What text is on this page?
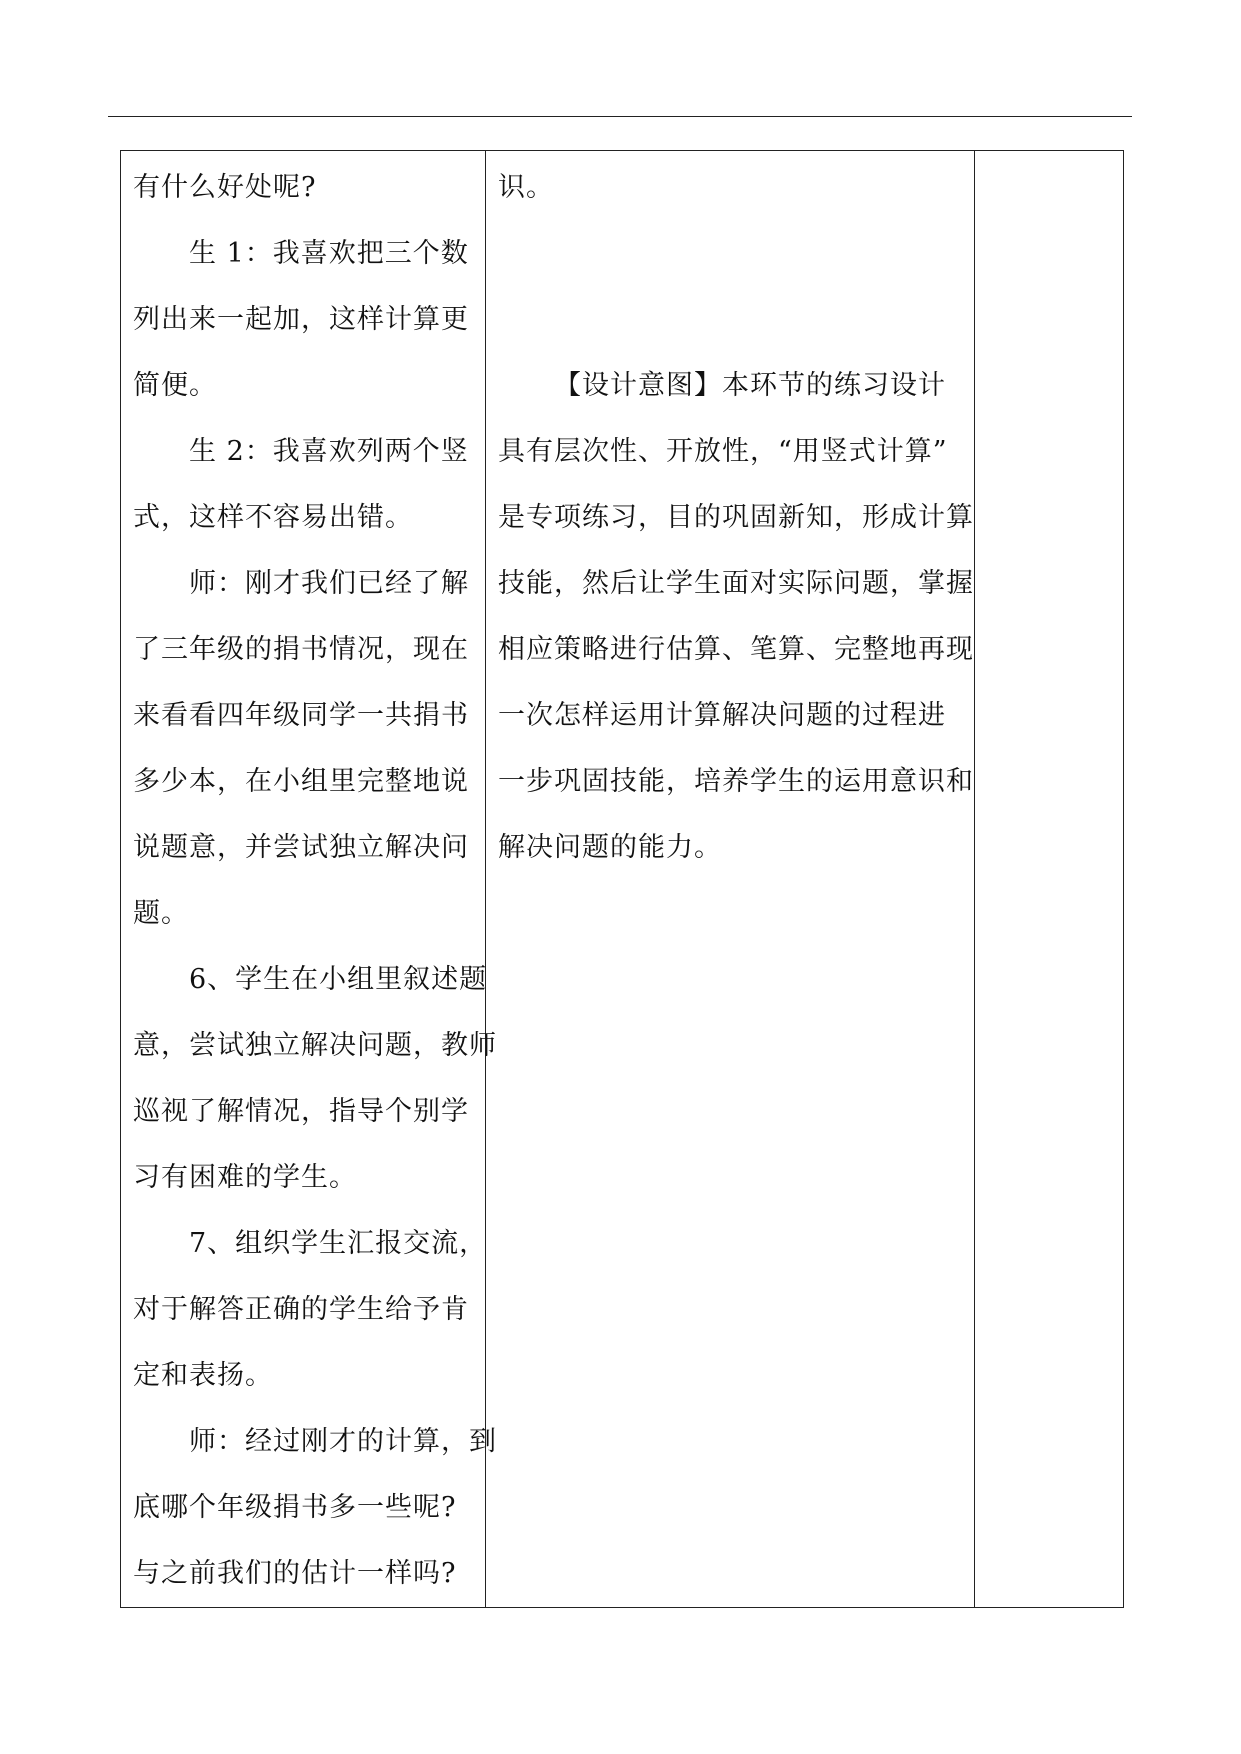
有什么好处呢?
生 1：我喜欢把三个数
列出来一起加，这样计算更
简便。
生 2：我喜欢列两个竖
式，这样不容易出错。
师：刚才我们已经了解
了三年级的捐书情况，现在
来看看四年级同学一共捐书
多少本，在小组里完整地说
说题意，并尝试独立解决问
题。
6、学生在小组里叙述题
意，尝试独立解决问题，教师
巡视了解情况，指导个别学
习有困难的学生。
7、组织学生汇报交流，
对于解答正确的学生给予肯
定和表扬。
师：经过刚才的计算，到
底哪个年级捐书多一些呢?
与之前我们的估计一样吗?

识。
【设计意图】本环节的练习设计
具有层次性、开放性，“用竖式计算”
是专项练习，目的巩固新知，形成计算
技能，然后让学生面对实际问题，掌握
相应策略进行估算、笔算、完整地再现
一次怎样运用计算解决问题的过程进
一步巩固技能，培养学生的运用意识和
解决问题的能力。
